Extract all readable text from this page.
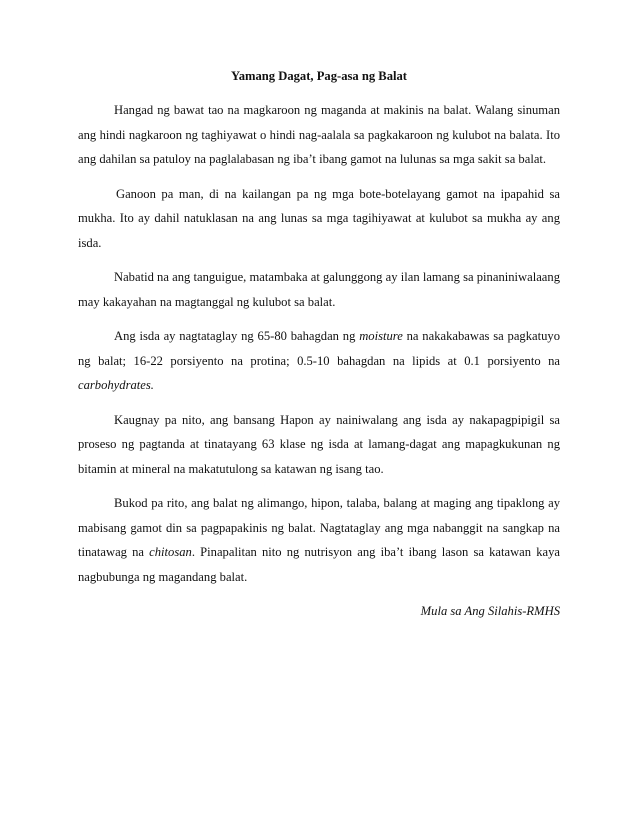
Yamang Dagat, Pag-asa ng Balat

Hangad ng bawat tao na magkaroon ng maganda at makinis na balat. Walang sinuman ang hindi nagkaroon ng taghiyawat o hindi nag-aalala sa pagkakaroon ng kulubot na balata. Ito ang dahilan sa patuloy na paglalabasan ng iba’t ibang gamot na lulunas sa mga sakit sa balat.

Ganoon pa man, di na kailangan pa ng mga bote-botelayang gamot na ipapahid sa mukha. Ito ay dahil natuklasan na ang lunas sa mga tagihiyawat at kulubot sa mukha ay ang isda.

Nabatid na ang tanguigue, matambaka at galunggong ay ilan lamang sa pinaniniwalaang may kakayahan na magtanggal ng kulubot sa balat.

Ang isda ay nagtataglay ng 65-80 bahagdan ng moisture na nakakabawas sa pagkatuyo ng balat; 16-22 porsiyento na protina; 0.5-10 bahagdan na lipids at 0.1 porsiyento na carbohydrates.

Kaugnay pa nito, ang bansang Hapon ay nainiwalang ang isda ay nakapagpipigil sa proseso ng pagtanda at tinatayang 63 klase ng isda at lamang-dagat ang mapagkukunan ng bitamin at mineral na makatutulong sa katawan ng isang tao.

Bukod pa rito, ang balat ng alimango, hipon, talaba, balang at maging ang tipaklong ay mabisang gamot din sa pagpapakinis ng balat. Nagtataglay ang mga nabanggit na sangkap na tinatawag na chitosan. Pinapalitan nito ng nutrisyon ang iba’t ibang lason sa katawan kaya nagbubunga ng magandang balat.

Mula sa Ang Silahis-RMHS
